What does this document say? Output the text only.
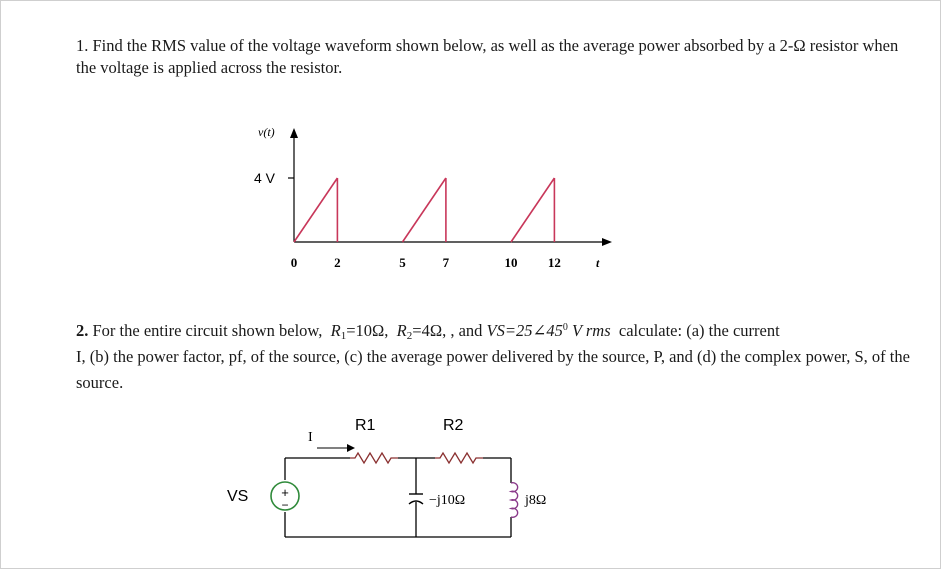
1. Find the RMS value of the voltage waveform shown below, as well as the average power absorbed by a 2-Ω resistor when the voltage is applied across the resistor.

v(t)
4 V
0	2	5	7	10 12	t

2. For the entire circuit shown below, $R_1=10\Omega$, $R_2=4\Omega$, , and $VS=25\angle 45^0$ V rms calculate: (a) the current

I, (b) the power factor, pf, of the source, (c) the average power delivered by the source, P, and (d) the complex power, S, of the source.

I
R1	R2
−j10Ω	j8Ω
+
−
VS
